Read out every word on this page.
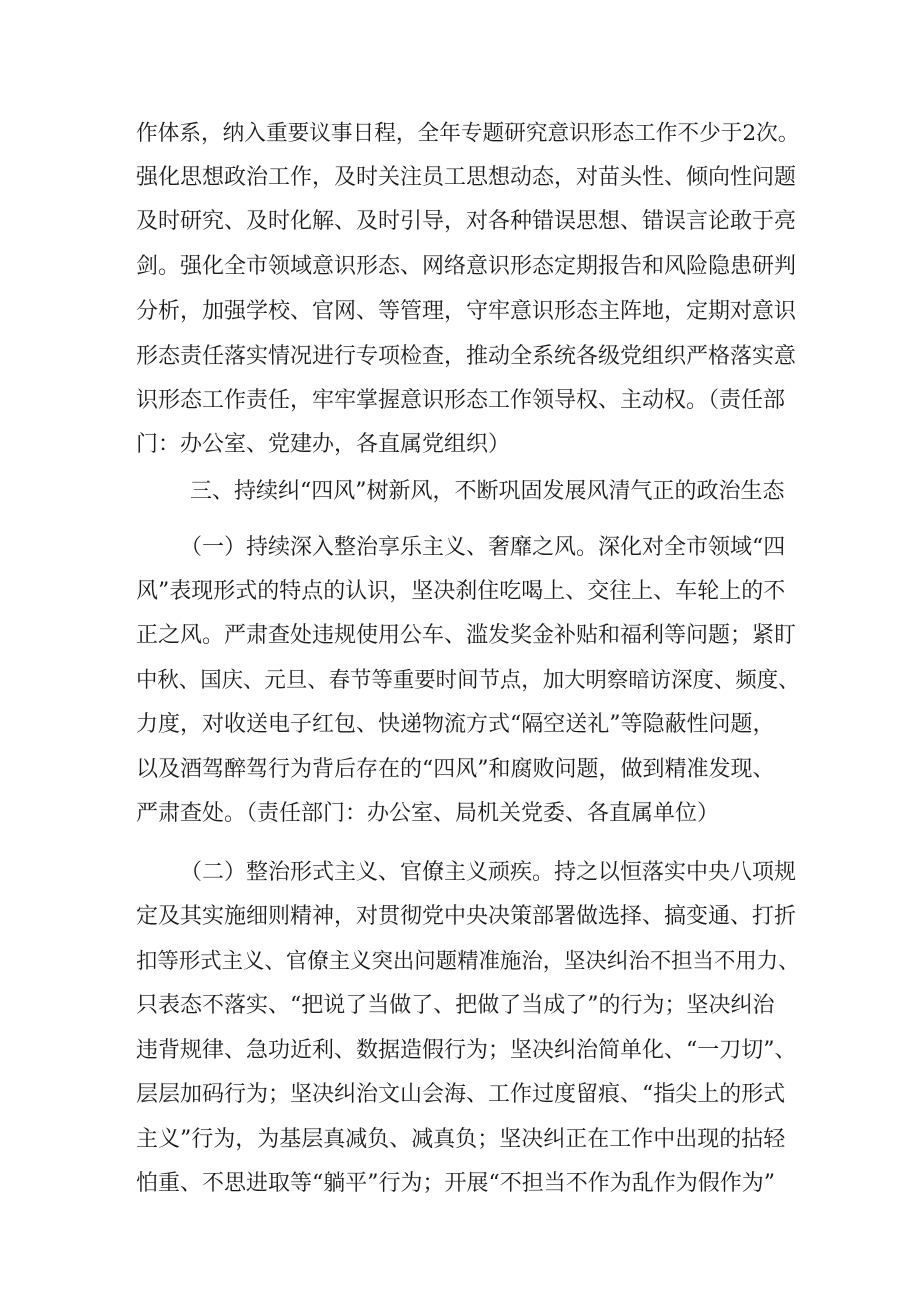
作体系，纳入重要议事日程，全年专题研究意识形态工作不少于2次。
强化思想政治工作，及时关注员工思想动态，对苗头性、倾向性问题
及时研究、及时化解、及时引导，对各种错误思想、错误言论敢于亮
剑。强化全市领域意识形态、网络意识形态定期报告和风险隐患研判
分析，加强学校、官网、等管理，守牢意识形态主阵地，定期对意识
形态责任落实情况进行专项检查，推动全系统各级党组织严格落实意
识形态工作责任，牢牢掌握意识形态工作领导权、主动权。（责任部
门：办公室、党建办，各直属党组织）
三、持续纠“四风”树新风，不断巩固发展风清气正的政治生态
（一）持续深入整治享乐主义、奢靡之风。深化对全市领域“四
风”表现形式的特点的认识，坚决刹住吃喝上、交往上、车轮上的不
正之风。严肃查处违规使用公车、滥发奖金补贴和福利等问题；紧盯
中秋、国庆、元旦、春节等重要时间节点，加大明察暗访深度、频度、
力度，对收送电子红包、快递物流方式“隔空送礼”等隐蔽性问题，
以及酒驾醉驾行为背后存在的“四风”和腐败问题，做到精准发现、
严肃查处。（责任部门：办公室、局机关党委、各直属单位）
（二）整治形式主义、官僚主义顽疾。持之以恒落实中央八项规
定及其实施细则精神，对贯彻党中央决策部署做选择、搞变通、打折
扣等形式主义、官僚主义突出问题精准施治，坚决纠治不担当不用力、
只表态不落实、“把说了当做了、把做了当成了”的行为；坚决纠治
违背规律、急功近利、数据造假行为；坚决纠治简单化、“一刀切”、
层层加码行为；坚决纠治文山会海、工作过度留痕、“指尖上的形式
主义”行为，为基层真减负、减真负；坚决纠正在工作中出现的拈轻
怕重、不思进取等“躺平”行为；开展“不担当不作为乱作为假作为”
